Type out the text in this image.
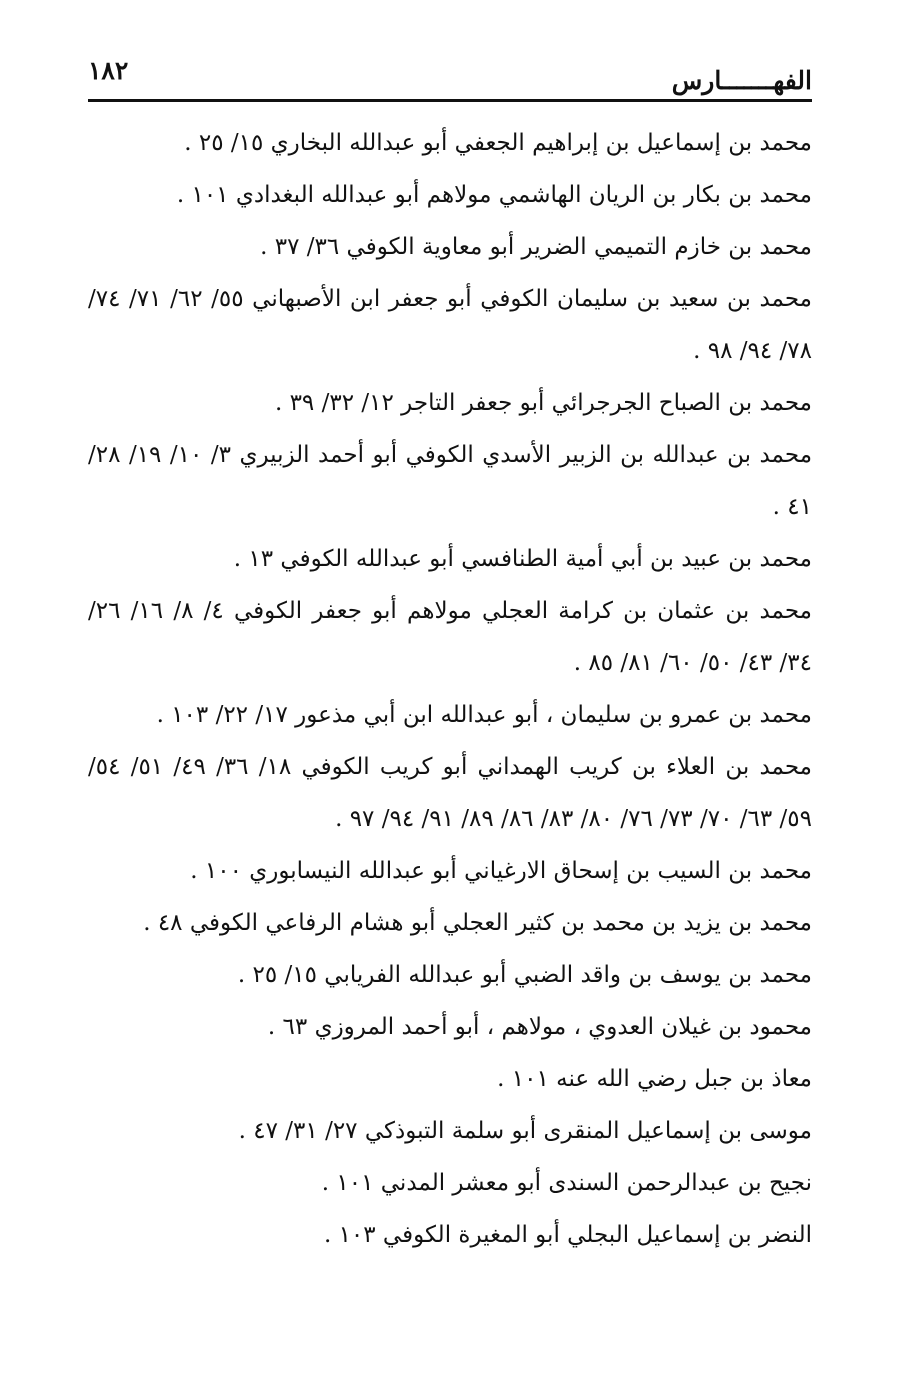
الفهـــــــارس
١٨٢

محمد بن إسماعيل بن إبراهيم الجعفي أبو عبدالله البخاري ١٥/ ٢٥ .

محمد بن بكار بن الريان الهاشمي مولاهم أبو عبدالله البغدادي ١٠١ .

محمد بن خازم التميمي الضرير أبو معاوية الكوفي ٣٦/ ٣٧ .

محمد بن سعيد بن سليمان الكوفي أبو جعفر ابن الأصبهاني ٥٥/ ٦٢/ ٧١/ ٧٤/ ٧٨/ ٩٤/ ٩٨ .

محمد بن الصباح الجرجرائي أبو جعفر التاجر ١٢/ ٣٢/ ٣٩ .

محمد بن عبدالله بن الزبير الأسدي الكوفي أبو أحمد الزبيري ٣/ ١٠/ ١٩/ ٢٨/ ٤١ .

محمد بن عبيد بن أبي أمية الطنافسي أبو عبدالله الكوفي ١٣ .

محمد بن عثمان بن كرامة العجلي مولاهم أبو جعفر الكوفي ٤/ ٨/ ١٦/ ٢٦/ ٣٤/ ٤٣/ ٥٠/ ٦٠/ ٨١/ ٨٥ .

محمد بن عمرو بن سليمان ، أبو عبدالله ابن أبي مذعور ١٧/ ٢٢/ ١٠٣ .

محمد بن العلاء بن كريب الهمداني أبو كريب الكوفي ١٨/ ٣٦/ ٤٩/ ٥١/ ٥٤/ ٥٩/ ٦٣/ ٧٠/ ٧٣/ ٧٦/ ٨٠/ ٨٣/ ٨٦/ ٨٩/ ٩١/ ٩٤/ ٩٧ .

محمد بن السيب بن إسحاق الارغياني أبو عبدالله النيسابوري ١٠٠ .

محمد بن يزيد بن محمد بن كثير العجلي أبو هشام الرفاعي الكوفي ٤٨ .

محمد بن يوسف بن واقد الضبي أبو عبدالله الفريابي ١٥/ ٢٥ .

محمود بن غيلان العدوي ، مولاهم ، أبو أحمد المروزي ٦٣ .

معاذ بن جبل رضي الله عنه ١٠١ .

موسى بن إسماعيل المنقرى أبو سلمة التبوذكي ٢٧/ ٣١/ ٤٧ .

نجيح بن عبدالرحمن السندى أبو معشر المدني ١٠١ .

النضر بن إسماعيل البجلي أبو المغيرة الكوفي ١٠٣ .
